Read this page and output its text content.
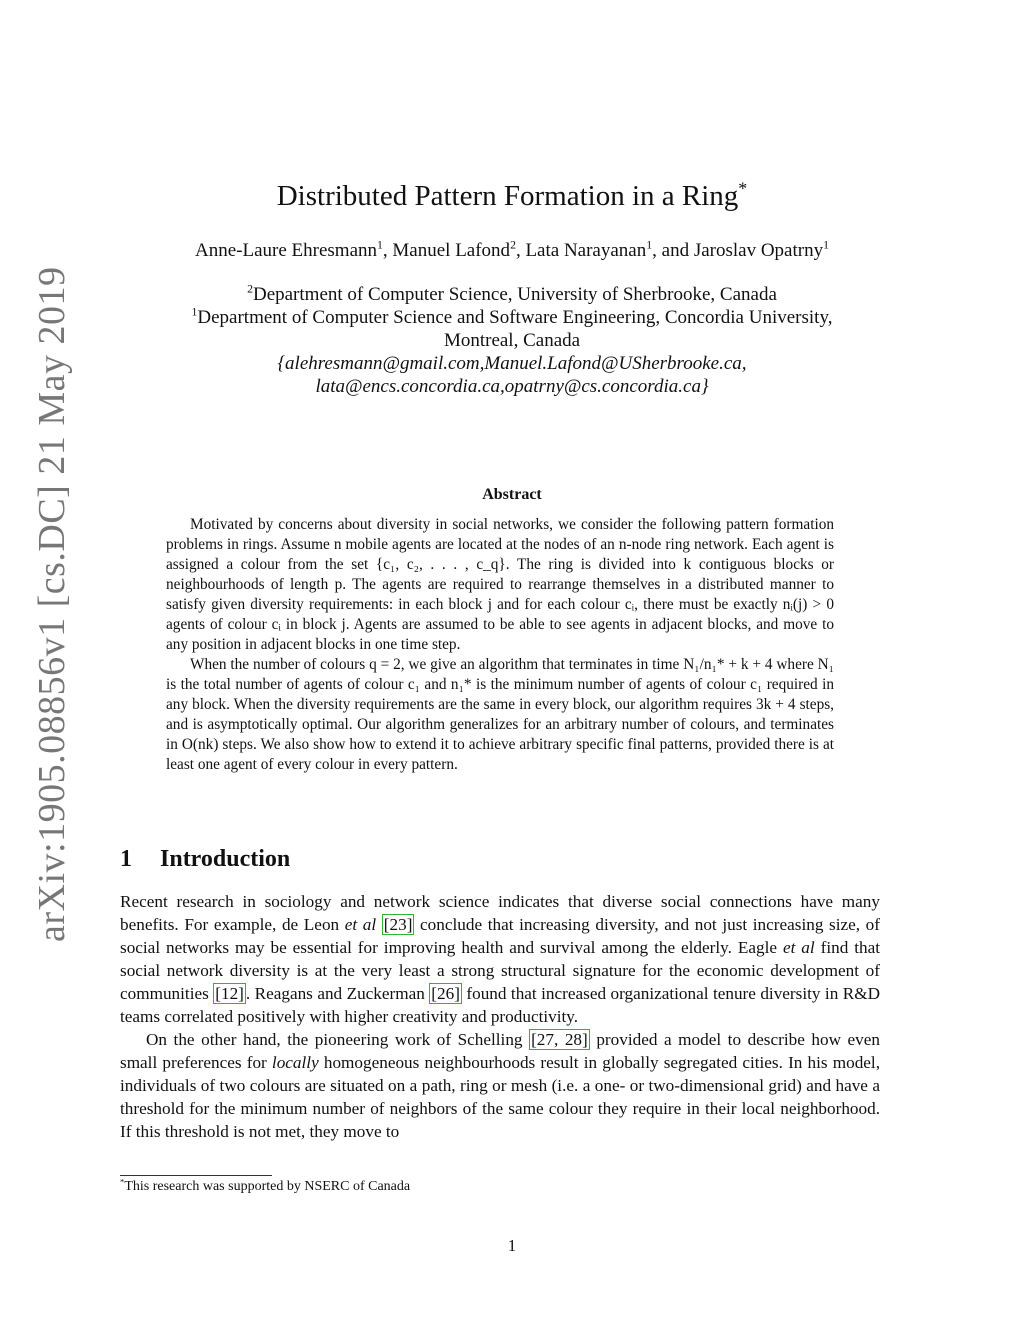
arXiv:1905.08856v1 [cs.DC] 21 May 2019
Distributed Pattern Formation in a Ring*
Anne-Laure Ehresmann$^1$, Manuel Lafond$^2$, Lata Narayanan$^1$, and Jaroslav Opatrny$^1$
$^2$Department of Computer Science, University of Sherbrooke, Canada
$^1$Department of Computer Science and Software Engineering, Concordia University,
Montreal, Canada
{alehresmann@gmail.com,Manuel.Lafond@USherbrooke.ca,
lata@encs.concordia.ca,opatrny@cs.concordia.ca}
Abstract

Motivated by concerns about diversity in social networks, we consider the following pattern formation problems in rings. Assume n mobile agents are located at the nodes of an n-node ring network. Each agent is assigned a colour from the set {c₁, c₂, . . . , c_q}. The ring is divided into k contiguous blocks or neighbourhoods of length p. The agents are required to rearrange themselves in a distributed manner to satisfy given diversity requirements: in each block j and for each colour cᵢ, there must be exactly nᵢ(j) > 0 agents of colour cᵢ in block j. Agents are assumed to be able to see agents in adjacent blocks, and move to any position in adjacent blocks in one time step.

When the number of colours q = 2, we give an algorithm that terminates in time N₁/n₁* + k + 4 where N₁ is the total number of agents of colour c₁ and n₁* is the minimum number of agents of colour c₁ required in any block. When the diversity requirements are the same in every block, our algorithm requires 3k + 4 steps, and is asymptotically optimal. Our algorithm generalizes for an arbitrary number of colours, and terminates in O(nk) steps. We also show how to extend it to achieve arbitrary specific final patterns, provided there is at least one agent of every colour in every pattern.

1 Introduction

Recent research in sociology and network science indicates that diverse social connections have many benefits. For example, de Leon et al [23] conclude that increasing diversity, and not just increasing size, of social networks may be essential for improving health and survival among the elderly. Eagle et al find that social network diversity is at the very least a strong structural signature for the economic development of communities [12] . Reagans and Zuckerman [26] found that increased organizational tenure diversity in R&D teams correlated positively with higher creativity and productivity.

On the other hand, the pioneering work of Schelling [27, 28] provided a model to describe how even small preferences for locally homogeneous neighbourhoods result in globally segregated cities. In his model, individuals of two colours are situated on a path, ring or mesh (i.e. a one- or two-dimensional grid) and have a threshold for the minimum number of neighbors of the same colour they require in their local neighborhood. If this threshold is not met, they move to

*This research was supported by NSERC of Canada
1
